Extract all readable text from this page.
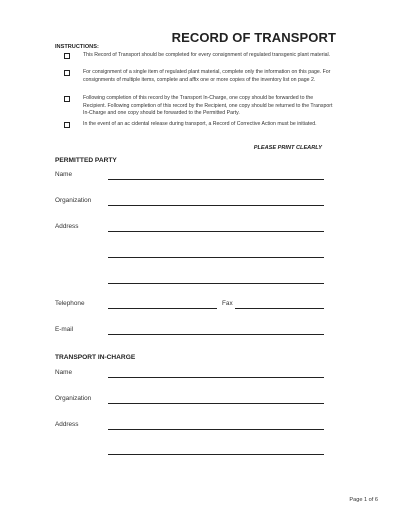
RECORD OF TRANSPORT
INSTRUCTIONS:
This Record of Transport should be completed for every consignment of regulated transgenic plant material.
For consignment of a single item of regulated plant material, complete only the information on this page. For consignments of multiple items, complete and affix one or more copies of the inventory list on page 2.
Following completion of this record by the Transport In-Charge, one copy should be forwarded to the Recipient. Following completion of this record by the Recipient, one copy should be returned to the Transport In-Charge and one copy should be forwarded to the Permitted Party.
In the event of an ac cidental release during transport, a Record of Corrective Action must be initiated.
PLEASE PRINT CLEARLY
PERMITTED PARTY
Name
Organization
Address
Telephone	Fax
E-mail
TRANSPORT IN-CHARGE
Name
Organization
Address
Page 1 of 6
